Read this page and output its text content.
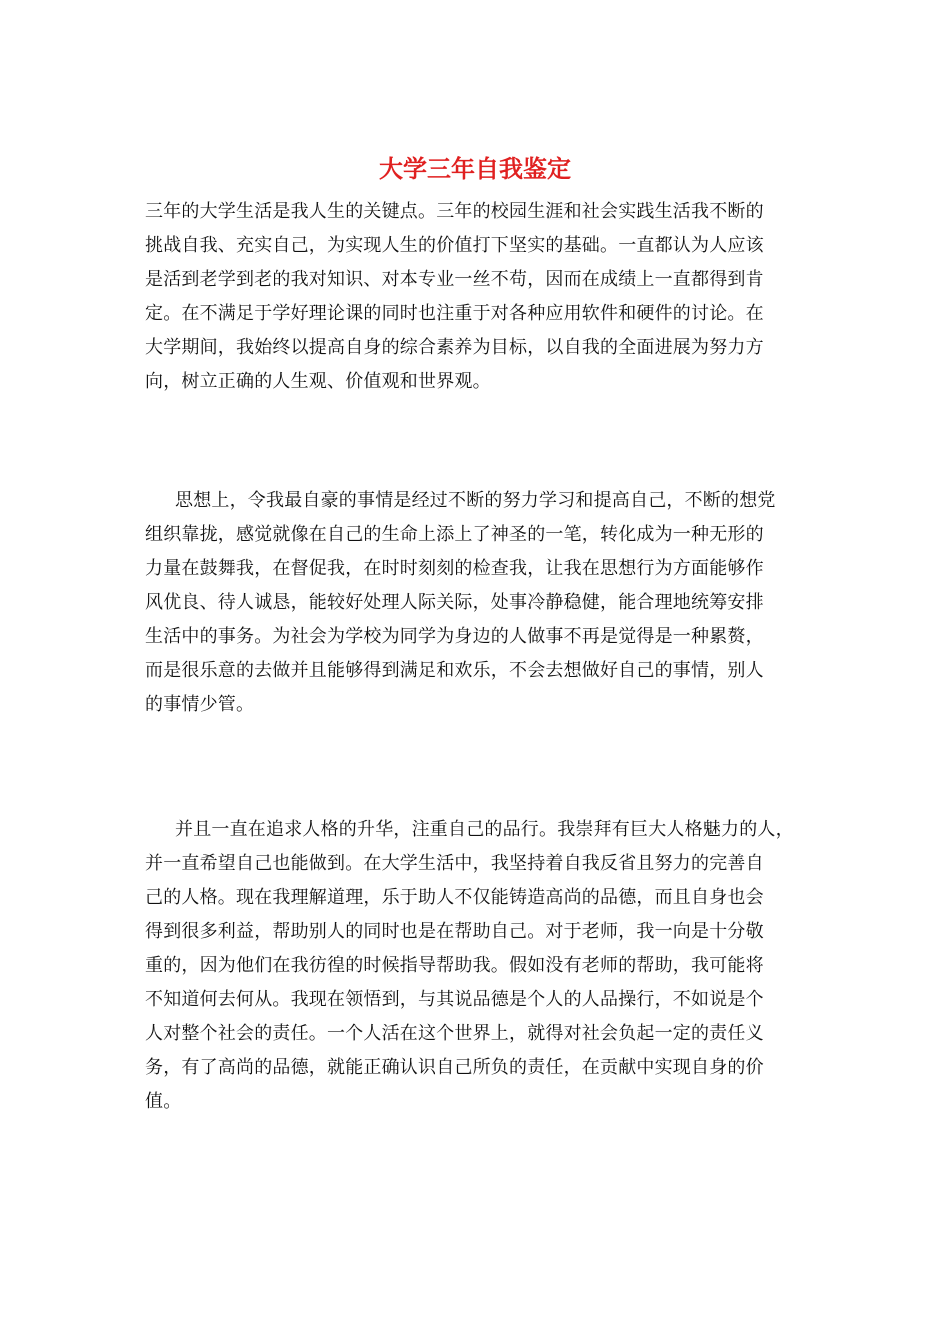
大学三年自我鉴定
三年的大学生活是我人生的关键点。三年的校园生涯和社会实践生活我不断的
挑战自我、充实自己，为实现人生的价值打下坚实的基础。一直都认为人应该
是活到老学到老的我对知识、对本专业一丝不苟，因而在成绩上一直都得到肯
定。在不满足于学好理论课的同时也注重于对各种应用软件和硬件的讨论。在
大学期间，我始终以提高自身的综合素养为目标，以自我的全面进展为努力方
向，树立正确的人生观、价值观和世界观。
思想上，令我最自豪的事情是经过不断的努力学习和提高自己，不断的想党
组织靠拢，感觉就像在自己的生命上添上了神圣的一笔，转化成为一种无形的
力量在鼓舞我，在督促我，在时时刻刻的检查我，让我在思想行为方面能够作
风优良、待人诚恳，能较好处理人际关际，处事冷静稳健，能合理地统筹安排
生活中的事务。为社会为学校为同学为身边的人做事不再是觉得是一种累赘，
而是很乐意的去做并且能够得到满足和欢乐，不会去想做好自己的事情，别人
的事情少管。
并且一直在追求人格的升华，注重自己的品行。我崇拜有巨大人格魅力的人，
并一直希望自己也能做到。在大学生活中，我坚持着自我反省且努力的完善自
己的人格。现在我理解道理，乐于助人不仅能铸造高尚的品德，而且自身也会
得到很多利益，帮助别人的同时也是在帮助自己。对于老师，我一向是十分敬
重的，因为他们在我彷徨的时候指导帮助我。假如没有老师的帮助，我可能将
不知道何去何从。我现在领悟到，与其说品德是个人的人品操行，不如说是个
人对整个社会的责任。一个人活在这个世界上，就得对社会负起一定的责任义
务，有了高尚的品德，就能正确认识自己所负的责任，在贡献中实现自身的价
值。
